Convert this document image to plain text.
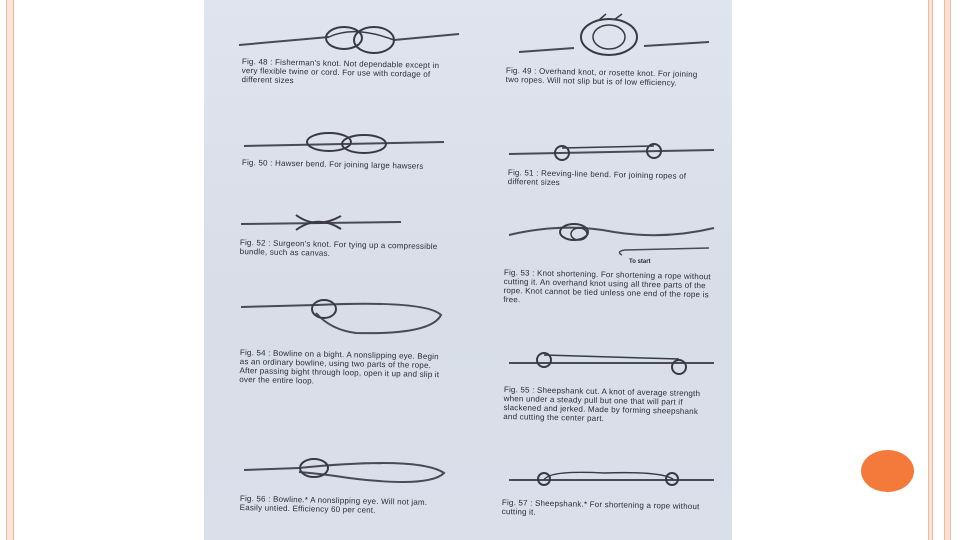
Fig. 48 : Fisherman's knot. Not dependable except in very flexible twine or cord. For use with cordage of different sizes
Fig. 49 : Overhand knot, or rosette knot. For joining two ropes. Will not slip but is of low efficiency.
Fig. 50 : Hawser bend. For joining large hawsers
Fig. 51 : Reeving-line bend. For joining ropes of different sizes
Fig. 52 : Surgeon's knot. For tying up a compressible bundle, such as canvas.
To start
Fig. 53 : Knot shortening. For shortening a rope without cutting it. An overhand knot using all three parts of the rope. Knot cannot be tied unless one end of the rope is free.
Fig. 54 : Bowline on a bight. A nonslipping eye. Begin as an ordinary bowline, using two parts of the rope. After passing bight through loop, open it up and slip it over the entire loop.
Fig. 55 : Sheepshank cut. A knot of average strength when under a steady pull but one that will part if slackened and jerked. Made by forming sheepshank and cutting the center part.
Fig. 56 : Bowline.* A nonslipping eye. Will not jam. Easily untied. Efficiency 60 per cent.	Fig. 57 : Sheepshank.* For shortening a rope without cutting it.
